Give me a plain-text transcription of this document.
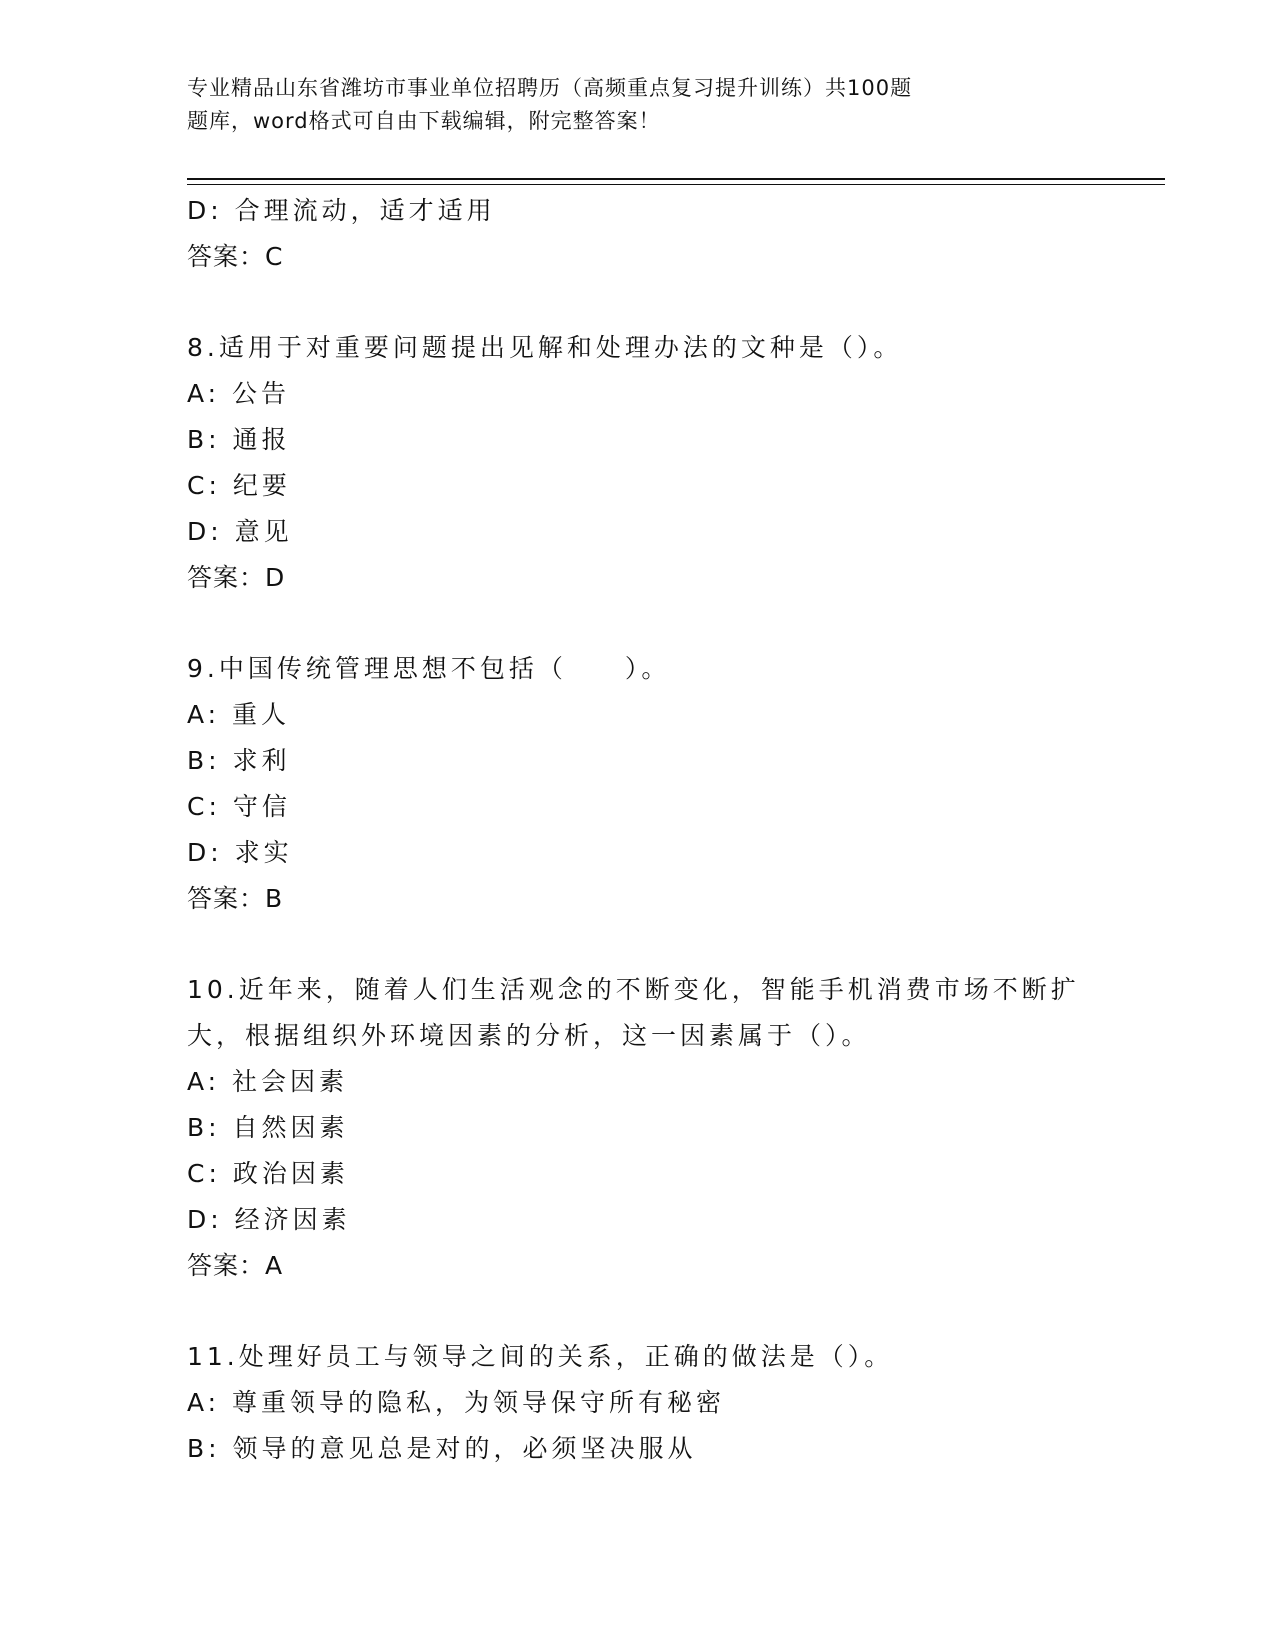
专业精品山东省潍坊市事业单位招聘历（高频重点复习提升训练）共100题
题库，word格式可自由下载编辑，附完整答案！
D: 合理流动，适才适用
答案：C
8.适用于对重要问题提出见解和处理办法的文种是（）。
A: 公告
B: 通报
C: 纪要
D: 意见
答案：D
9.中国传统管理思想不包括（　　）。
A: 重人
B: 求利
C: 守信
D: 求实
答案：B
10.近年来，随着人们生活观念的不断变化，智能手机消费市场不断扩
大，根据组织外环境因素的分析，这一因素属于（）。
A: 社会因素
B: 自然因素
C: 政治因素
D: 经济因素
答案：A
11.处理好员工与领导之间的关系，正确的做法是（）。
A: 尊重领导的隐私，为领导保守所有秘密
B: 领导的意见总是对的，必须坚决服从
